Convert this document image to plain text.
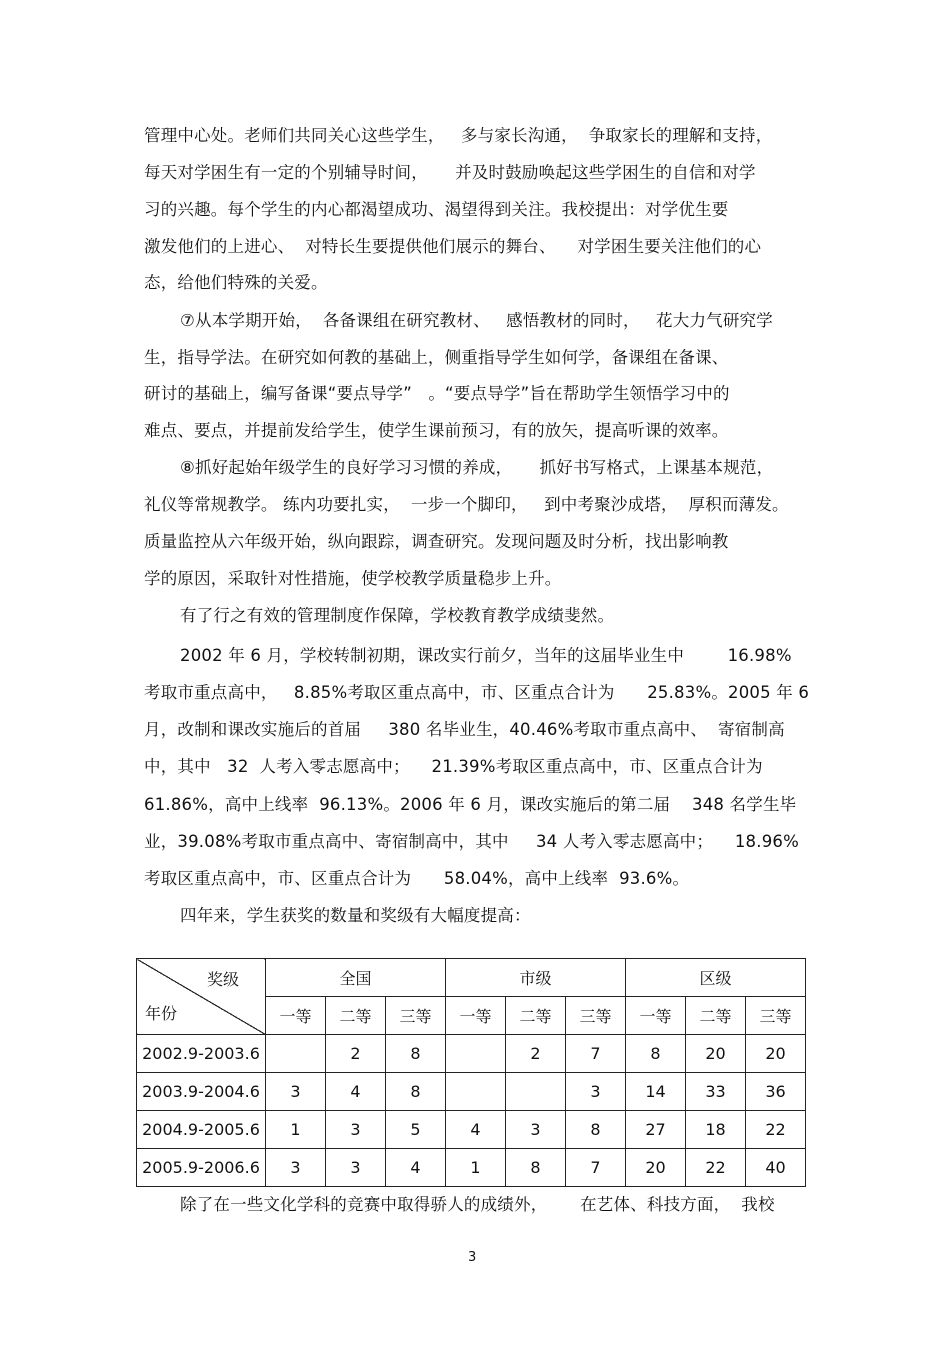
管理中心处。老师们共同关心这些学生，   多与家长沟通，  争取家长的理解和支持，
每天对学困生有一定的个别辅导时间，     并及时鼓励唤起这些学困生的自信和对学
习的兴趣。每个学生的内心都渴望成功、渴望得到关注。我校提出：对学优生要
激发他们的上进心、  对特长生要提供他们展示的舞台、    对学困生要关注他们的心
态，给他们特殊的关爱。
⑦从本学期开始，  各备课组在研究教材、   感悟教材的同时，   花大力气研究学
生，指导学法。在研究如何教的基础上，侧重指导学生如何学，备课组在备课、
研讨的基础上，编写备课“要点导学”   。“要点导学”旨在帮助学生领悟学习中的
难点、要点，并提前发给学生，使学生课前预习，有的放矢，提高听课的效率。
⑧抓好起始年级学生的良好学习习惯的养成，     抓好书写格式，上课基本规范，
礼仪等常规教学。 练内功要扎实，  一步一个脚印，   到中考聚沙成塔，  厚积而薄发。
质量监控从六年级开始，纵向跟踪，调查研究。发现问题及时分析，找出影响教
学的原因，采取针对性措施，使学校教学质量稳步上升。
有了行之有效的管理制度作保障，学校教育教学成绩斐然。
2002 年 6 月，学校转制初期，课改实行前夕，当年的这届毕业生中        16.98%
考取市重点高中，   8.85%考取区重点高中，市、区重点合计为      25.83%。2005 年 6
月，改制和课改实施后的首届     380 名毕业生，40.46%考取市重点高中、  寄宿制高
中，其中   32  人考入零志愿高中；    21.39%考取区重点高中，市、区重点合计为
61.86%，高中上线率  96.13%。2006 年 6 月，课改实施后的第二届    348 名学生毕
业，39.08%考取市重点高中、寄宿制高中，其中     34 人考入零志愿高中；    18.96%
考取区重点高中，市、区重点合计为      58.04%，高中上线率  93.6%。
四年来，学生获奖的数量和奖级有大幅度提高：
奖级
年份	全国			市级			区级		
	一等	二等	三等	一等	二等	三等	一等	二等	三等
2002.9-2003.6		2	8		2	7	8	20	20
2003.9-2004.6	3	4	8			3	14	33	36
2004.9-2005.6	1	3	5	4	3	8	27	18	22
2005.9-2006.6	3	3	4	1	8	7	20	22	40
除了在一些文化学科的竞赛中取得骄人的成绩外，      在艺体、科技方面，  我校
3
